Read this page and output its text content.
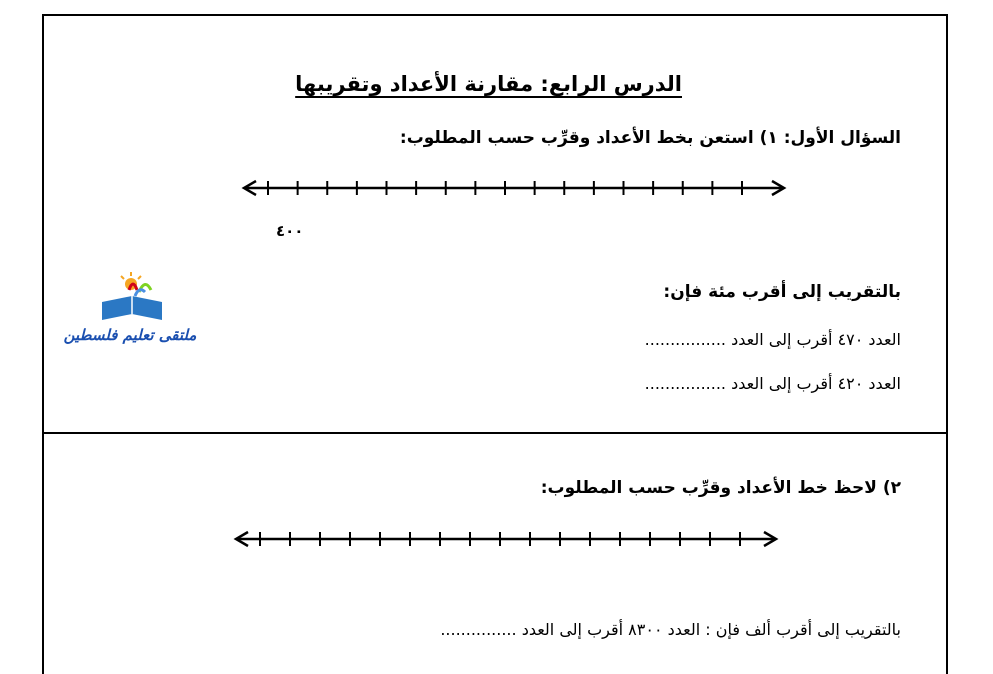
الدرس الرابع: مقارنة الأعداد وتقريبها
السؤال الأول: ١) استعن بخط الأعداد وقرِّب حسب المطلوب:
٤٠٠
ملتقى تعليم فلسطين
بالتقريب إلى أقرب مئة فإن:
العدد ٤٧٠ أقرب إلى العدد ................
العدد ٤٢٠ أقرب إلى العدد ................
٢) لاحظ خط الأعداد وقرِّب حسب المطلوب:
بالتقريب إلى أقرب ألف فإن : العدد ٨٣٠٠ أقرب إلى العدد ...............
